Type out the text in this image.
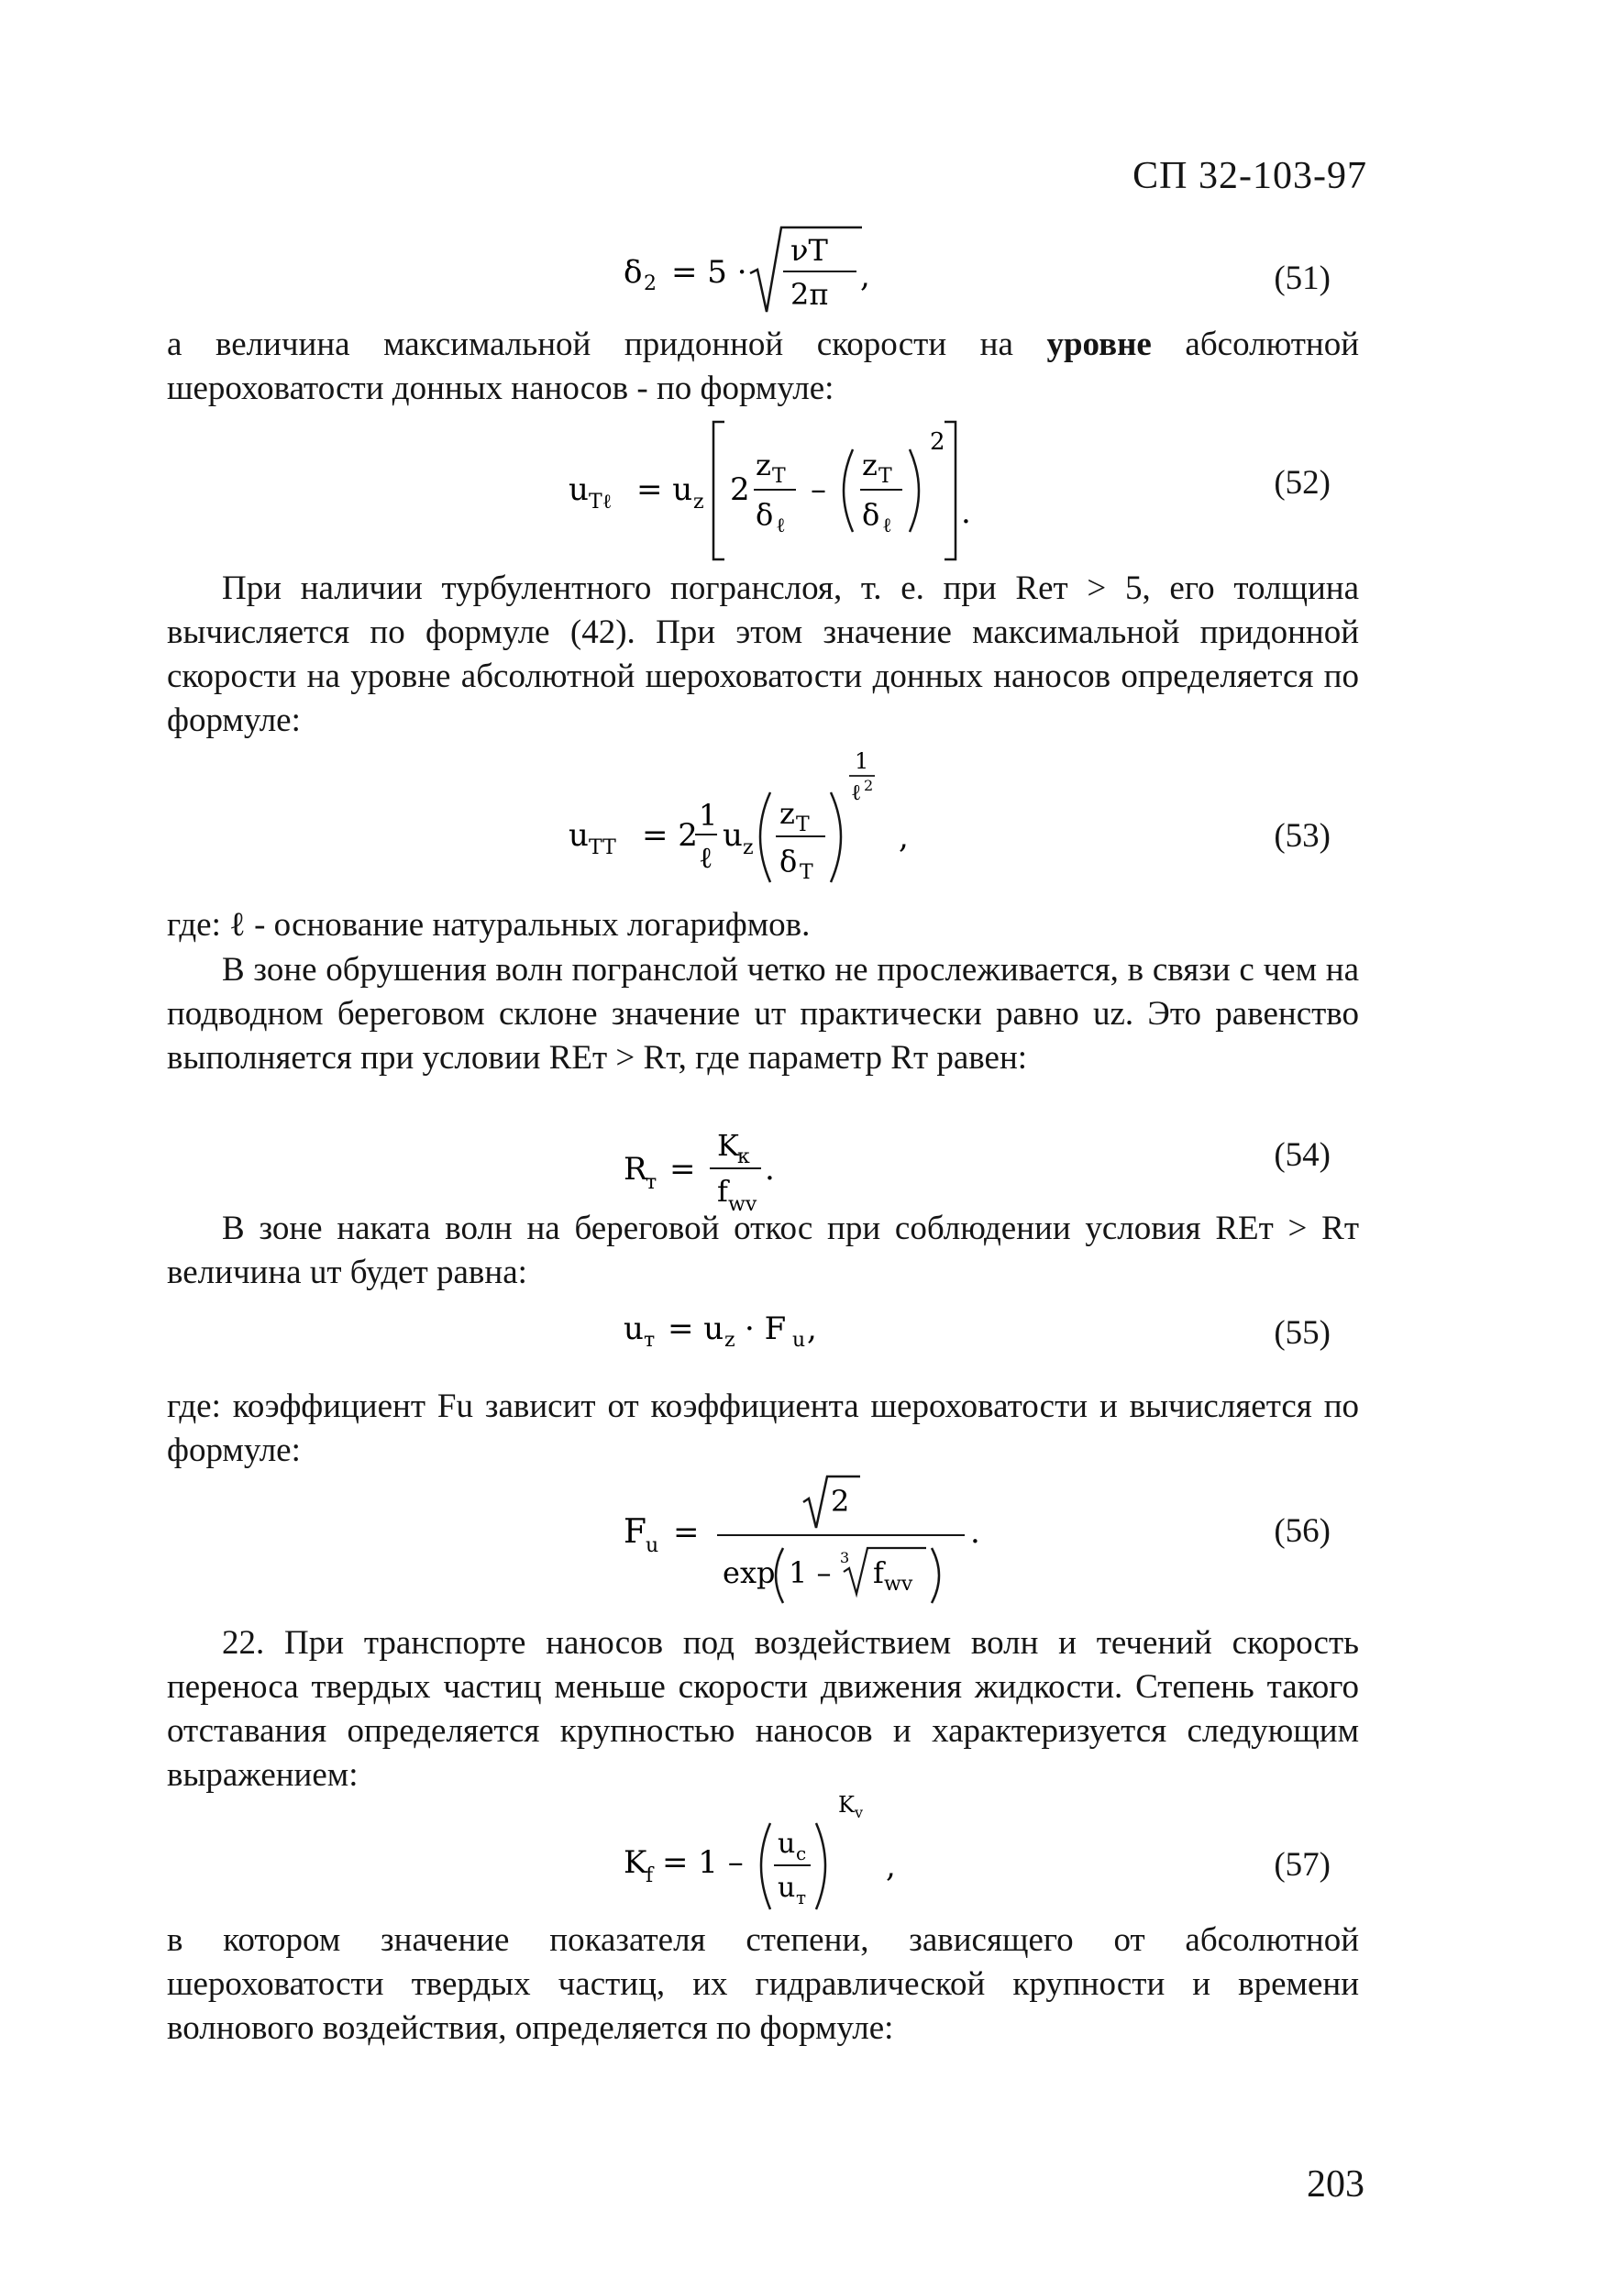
СП 32-103-97
δ 2 = 5 ·
νT
2π ,	(51)

а величина максимальной придонной скорости на уровне абсолютной шероховатости донных наносов - по формуле:

u Tℓ = u z 2
z T
δ ℓ
–
z T
δ ℓ
2
.
(52)

При наличии турбулентного погранслоя, т. е. при Reт > 5, его толщина вычисляется по формуле (42). При этом значение максимальной придонной скорости на уровне абсолютной шероховатости донных наносов определяется по формуле:

u TT = 2
1
ℓ
u z
z T
δ T
1
ℓ 2
,	(53)

где: ℓ - основание натуральных логарифмов.

В зоне обрушения волн погранслой четко не прослеживается, в связи с чем на подводном береговом склоне значение uт практически равно uz. Это равенство выполняется при условии REт > Rт, где параметр Rт равен:

R
т =
K
к
f wv
.	(54)

В зоне наката волн на береговой откос при соблюдении условия REт > Rт величина uт будет равна:

u т = u z · F u ,	(55)

где: коэффициент Fu зависит от коэффициента шероховатости и вычисляется по формуле:

F u =
2
exp 1 – 3 f wv
.	(56)

22. При транспорте наносов под воздействием волн и течений скорость переноса твердых частиц меньше скорости движения жидкости. Степень такого отставания определяется крупностью наносов и характеризуется следующим выражением:

K
f = 1 –
u c
u т
K v
,	(57)

в котором значение показателя степени, зависящего от абсолютной шероховатости твердых частиц, их гидравлической крупности и времени волнового воздействия, определяется по формуле:

203
